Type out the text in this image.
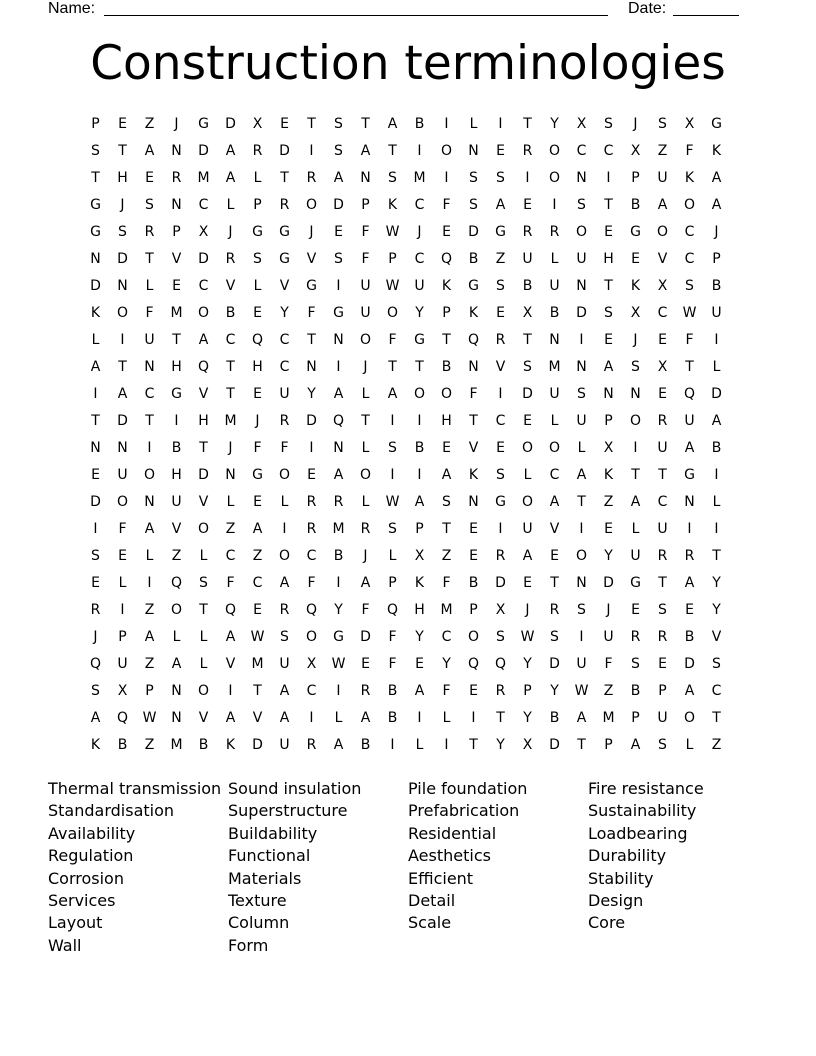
Name:	Date:
Construction terminologies
P	E	Z	J	G	D	X	E	T	S	T	A	B	I	L	I	T	Y	X	S	J	S	X	G
S	T	A	N	D	A	R	D	I	S	A	T	I	O	N	E	R	O	C	C	X	Z	F	K
T	H	E	R	M	A	L	T	R	A	N	S	M	I	S	S	I	O	N	I	P	U	K	A
G	J	S	N	C	L	P	R	O	D	P	K	C	F	S	A	E	I	S	T	B	A	O	A
G	S	R	P	X	J	G	G	J	E	F	W	J	E	D	G	R	R	O	E	G	O	C	J
N	D	T	V	D	R	S	G	V	S	F	P	C	Q	B	Z	U	L	U	H	E	V	C	P
D	N	L	E	C	V	L	V	G	I	U	W	U	K	G	S	B	U	N	T	K	X	S	B
K	O	F	M	O	B	E	Y	F	G	U	O	Y	P	K	E	X	B	D	S	X	C	W	U
L	I	U	T	A	C	Q	C	T	N	O	F	G	T	Q	R	T	N	I	E	J	E	F	I
A	T	N	H	Q	T	H	C	N	I	J	T	T	B	N	V	S	M	N	A	S	X	T	L
I	A	C	G	V	T	E	U	Y	A	L	A	O	O	F	I	D	U	S	N	N	E	Q	D
T	D	T	I	H	M	J	R	D	Q	T	I	I	H	T	C	E	L	U	P	O	R	U	A
N	N	I	B	T	J	F	F	I	N	L	S	B	E	V	E	O	O	L	X	I	U	A	B
E	U	O	H	D	N	G	O	E	A	O	I	I	A	K	S	L	C	A	K	T	T	G	I
D	O	N	U	V	L	E	L	R	R	L	W	A	S	N	G	O	A	T	Z	A	C	N	L
I	F	A	V	O	Z	A	I	R	M	R	S	P	T	E	I	U	V	I	E	L	U	I	I
S	E	L	Z	L	C	Z	O	C	B	J	L	X	Z	E	R	A	E	O	Y	U	R	R	T
E	L	I	Q	S	F	C	A	F	I	A	P	K	F	B	D	E	T	N	D	G	T	A	Y
R	I	Z	O	T	Q	E	R	Q	Y	F	Q	H	M	P	X	J	R	S	J	E	S	E	Y
J	P	A	L	L	A	W	S	O	G	D	F	Y	C	O	S	W	S	I	U	R	R	B	V
Q	U	Z	A	L	V	M	U	X	W	E	F	E	Y	Q	Q	Y	D	U	F	S	E	D	S
S	X	P	N	O	I	T	A	C	I	R	B	A	F	E	R	P	Y	W	Z	B	P	A	C
A	Q	W	N	V	A	V	A	I	L	A	B	I	L	I	T	Y	B	A	M	P	U	O	T
K	B	Z	M	B	K	D	U	R	A	B	I	L	I	T	Y	X	D	T	P	A	S	L	Z
Thermal transmission
Standardisation
Availability
Regulation
Corrosion
Services
Layout
Wall
Sound insulation
Superstructure
Buildability
Functional
Materials
Texture
Column
Form
Pile foundation
Prefabrication
Residential
Aesthetics
Efficient
Detail
Scale
Fire resistance
Sustainability
Loadbearing
Durability
Stability
Design
Core
